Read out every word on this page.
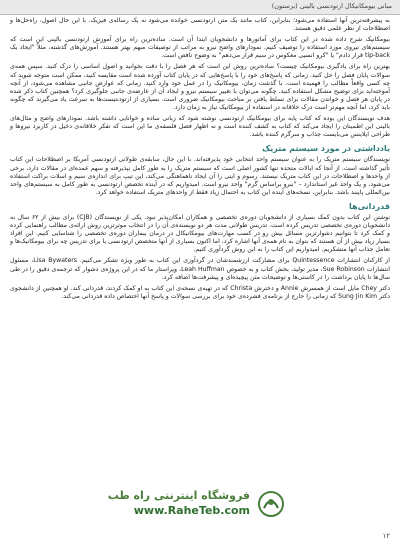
مبانی بیومکانیکال ارتودنسی بالینی (برستون)

به پیشرفته‌ترین آنها استفاده می‌شود؛ بنابراین، کتاب مانند یک متن ارتودنسی خوانده می‌شود نه یک رساله‌ی فیزیک. با این حال اصول، راه‌حل‌ها و اصطلاحات از نظر علمی دقیق هستند.

بیومکانیک شرح داده شده در این کتاب برای آماتورها و دانشجویان ابتدا آن است. ساده‌ترین راه برای آموزش ارتودنسی بالینی این است که سیستم‌های نیروی مورد استفاده را توصیف کنیم. نمودارهای واضح نیرو به مراتب از توصیفات مبهم بهتر هستند. آموزش‌های گذشته، مثلاً "ایجاد یک tip-back قرار دادم" یا "کرو انسیی معکوس در سیم قرار می‌دهم" به وضوح ناقص است.

بهترین راه برای یادگیری بیومکانیک چیست؟ ساده‌ترین روش این است که هر فصل را با دقت بخوانید و اصول اساسی را درک کنید. سپس همه‌ی سوالات پایان فصل را حل کنید. زمانی که پاسخ‌های خود را با پاسخ‌هایی که در پایان کتاب آورده شده است مقایسه کنید، ممکن است متوجه شوید که چه کسی واقعاً مطالب را فهمیده است. با گذشت زمان، بیومکانیک را در عمل خود وارد کنید. زمانی که عوارض جانبی مشاهده می‌شود، از آنچه آموخته‌اید برای توضیح مشکل استفاده کنید. چگونه می‌توان با تغییر سیستم نیرو و ایجاد آن از عارضه‌ی جانبی جلوگیری کرد؟ همچنین کتاب ذکر شده در پایان هر فصل و خواندن مقالات برای تسلط یافتن بر مباحث بیومکانیک ضروری است. بسیاری از ارتودنتیست‌ها به سرعت یاد می‌گیرند که چگونه باید کرد، اما آنچه مهم‌تر است درک خلاقانه در استفاده از بیومکانیک نیاز به زمان دارد.

هدف نویسندگان این بوده که کتاب پایه برای بیومکانیک ارتودنسی نوشته شود که زبانی ساده و خوانایی داشته باشد. نمودارهای واضح و مثال‌های بالینی این اطمینان را ایجاد می‌کند که کتاب به کشف کننده است و نه اظهار فضل فلسفه‌ی ما این است که تفکر خلاقانه‌ی دخیل در کاربرد نیروها و طراحی اپلاینس می‌بایست جذاب و سرگرم کننده باشد.

یادداشتی در مورد سیستم متریک

نویسندگان سیستم متریک را به عنوان سیستم واحد انتخابی خود پذیرفته‌اند. با این حال، سابقه‌ی طولانی ارتودنسی آمریکا بر اصطلاحات این کتاب تأثیر گذاشته است. از آنجا که ایالات متحده تنها کشور اصلی است که سیستم متریک را به طور کامل نپذیرفته و سهم عمده‌ای در مقالات دارد، برخی از واحدها و اصطلاحات در این کتاب متریک نیستند. رسوم و اینی را آن ایجاد ناهماهنگی می‌کند، این تیپ برای اندازه‌ی سیم و اسلات براکت استفاده می‌شود، و یک واحد غیر استاندارد – "نیرو براساس گرم" واحد نیرو است. امیدواریم که در آینده تخصص ارتودنسی به طور کامل به سیستم‌های واحد بین‌المللی پایبند باشد. بنابراین، نسخه‌های آینده این کتاب به احتمال زیاد فقط از واحدهای متریک استفاده خواهد کرد.

قدردانی‌ها

نوشتن این کتاب بدون کمک بسیاری از دانشجویان دوره‌ی تخصصی و همکاران امکان‌پذیر نبود. یکی از نویسندگان (CJB) برای بیش از ۶۲ سال به دانشجویان دوره‌ی تخصصی تدریس کرده است. تدریس طولانی مدت هر دو نویسنده‌ی آن را در انتخاب موثرترین روش ارائه‌ی مطالب راهنمایی کرده و کمک کرد تا بتوانیم دشوارترین مسائل بیش رو در کسب مهارت‌های بیومکانیکال در درمان بیماران دوره‌ی تخصصی را شناسایی کنیم. این افراد بسیار زیاد بیش از آن هستند که بتوان به نام همه‌ی آنها اشاره کرد، اما اکنون بسیاری از آنها متخصص ارتودنسی یا برای تدریس چه برای بیومکانیک‌ها و تعامل جذاب آنها متشکریم. امیدواریم این کتاب را به این روش گردآوری کنیم.

از کارکنان انتشارات Quintessence برای مشارکت ارزشمندشان در گردآوری این کتاب به طور ویژه تشکر می‌کنیم. Lisa Bywaters، مسئول انتشارات Sue Robinson، مدیر تولید، بخش کتاب و به خصوص Leah Huffman، ویراستار ما که در این پروژه‌ی دشوار که ترجمه‌ی دقیق را در طی سال‌ها تا پایان برداشت را در کاستی‌ها و توضیحات متن پیچیده‌ای و پیشرفت‌ها اضافه کرد.

دکتر Chey مایل است از همسرش Annie و دخترش Christa که در تهیه‌ی نسخه‌ی این کتاب به او کمک کردند، قدردانی کند. او همچنین از دانشجوی دکتر Sung Jin Kim که زمانی را خارج از برنامه‌ی فشرده‌ی خود برای بررسی سوالات و پاسخ آنها اختصاص داده قدردانی می‌کند.

فروشگاه اینترنتی راه طب
www.RaheTeb.com
۱۲
